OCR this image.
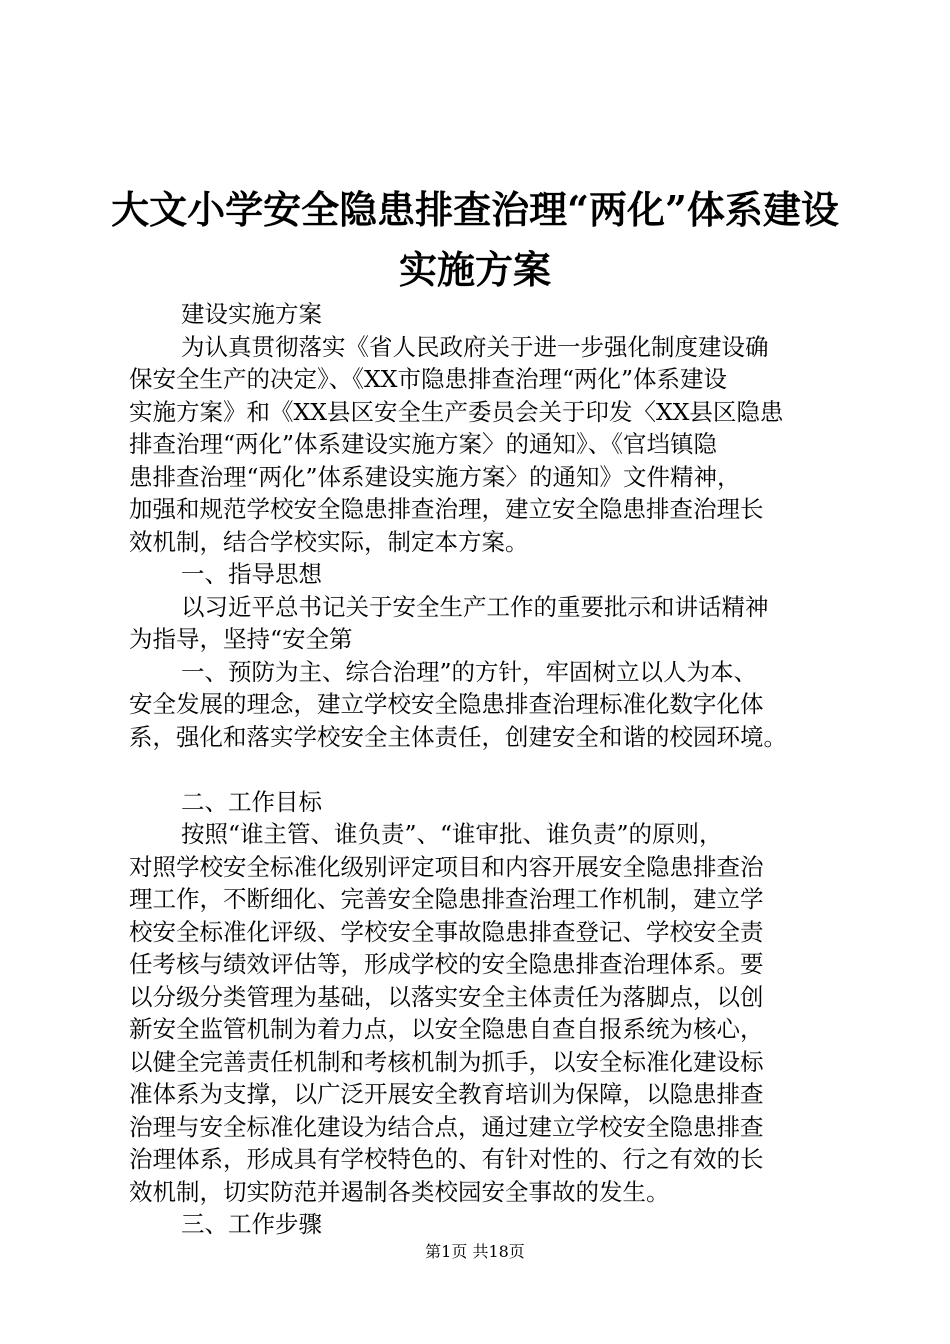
大文小学安全隐患排查治理“两化”体系建设
实施方案
建设实施方案
为认真贯彻落实《省人民政府关于进一步强化制度建设确
保安全生产的决定》、《XX市隐患排查治理“两化”体系建设
实施方案》和《XX县区安全生产委员会关于印发〈XX县区隐患
排查治理“两化”体系建设实施方案〉的通知》、《官垱镇隐
患排查治理“两化”体系建设实施方案〉的通知》文件精神，
加强和规范学校安全隐患排查治理，建立安全隐患排查治理长
效机制，结合学校实际，制定本方案。
一、指导思想
以习近平总书记关于安全生产工作的重要批示和讲话精神
为指导，坚持“安全第
一、预防为主、综合治理”的方针，牢固树立以人为本、
安全发展的理念，建立学校安全隐患排查治理标准化数字化体
系，强化和落实学校安全主体责任，创建安全和谐的校园环境。
二、工作目标
按照“谁主管、谁负责”、“谁审批、谁负责”的原则，
对照学校安全标准化级别评定项目和内容开展安全隐患排查治
理工作，不断细化、完善安全隐患排查治理工作机制，建立学
校安全标准化评级、学校安全事故隐患排查登记、学校安全责
任考核与绩效评估等，形成学校的安全隐患排查治理体系。要
以分级分类管理为基础，以落实安全主体责任为落脚点，以创
新安全监管机制为着力点，以安全隐患自查自报系统为核心，
以健全完善责任机制和考核机制为抓手，以安全标准化建设标
准体系为支撑，以广泛开展安全教育培训为保障，以隐患排查
治理与安全标准化建设为结合点，通过建立学校安全隐患排查
治理体系，形成具有学校特色的、有针对性的、行之有效的长
效机制，切实防范并遏制各类校园安全事故的发生。
三、工作步骤
第1页 共18页
